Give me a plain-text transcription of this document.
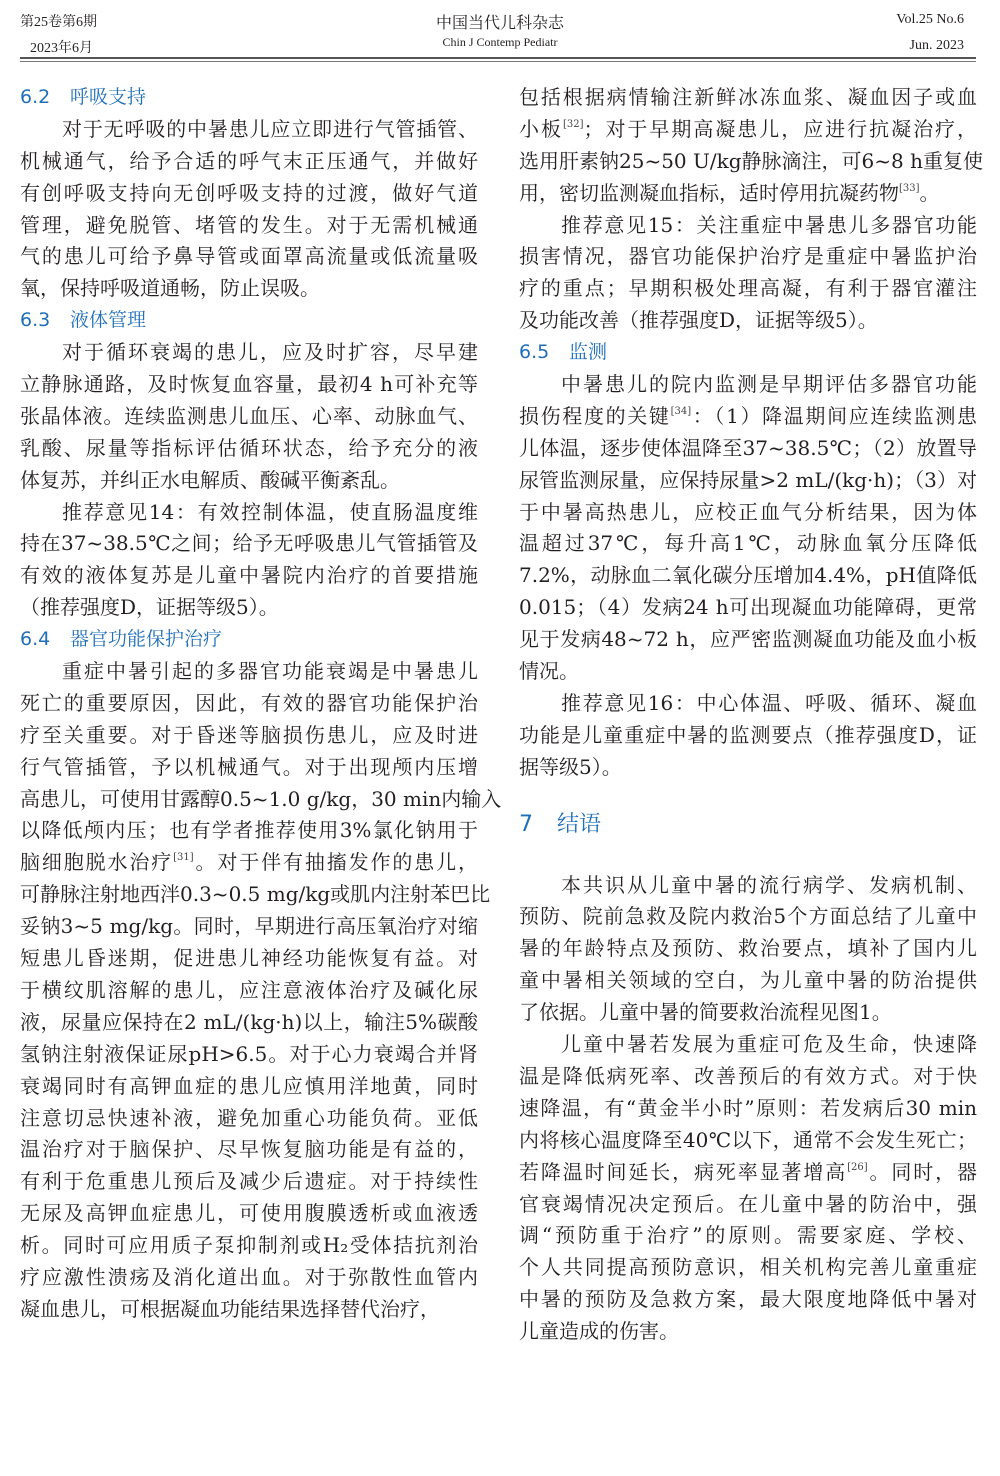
第25卷第6期
2023年6月
中国当代儿科杂志
Chin J Contemp Pediatr
Vol.25 No.6
Jun. 2023
6.2 呼吸支持
对于无呼吸的中暑患儿应立即进行气管插管、
机械通气，给予合适的呼气末正压通气，并做好
有创呼吸支持向无创呼吸支持的过渡，做好气道
管理，避免脱管、堵管的发生。对于无需机械通
气的患儿可给予鼻导管或面罩高流量或低流量吸
氧，保持呼吸道通畅，防止误吸。
6.3 液体管理
对于循环衰竭的患儿，应及时扩容，尽早建
立静脉通路，及时恢复血容量，最初4 h可补充等
张晶体液。连续监测患儿血压、心率、动脉血气、
乳酸、尿量等指标评估循环状态，给予充分的液
体复苏，并纠正水电解质、酸碱平衡紊乱。
推荐意见14：有效控制体温，使直肠温度维
持在37~38.5℃之间；给予无呼吸患儿气管插管及
有效的液体复苏是儿童中暑院内治疗的首要措施
（推荐强度D，证据等级5）。
6.4 器官功能保护治疗
重症中暑引起的多器官功能衰竭是中暑患儿
死亡的重要原因，因此，有效的器官功能保护治
疗至关重要。对于昏迷等脑损伤患儿，应及时进
行气管插管，予以机械通气。对于出现颅内压增
高患儿，可使用甘露醇0.5~1.0 g/kg，30 min内输入
以降低颅内压；也有学者推荐使用3%氯化钠用于
脑细胞脱水治疗[31]。对于伴有抽搐发作的患儿，
可静脉注射地西泮0.3~0.5 mg/kg或肌内注射苯巴比
妥钠3~5 mg/kg。同时，早期进行高压氧治疗对缩
短患儿昏迷期，促进患儿神经功能恢复有益。对
于横纹肌溶解的患儿，应注意液体治疗及碱化尿
液，尿量应保持在2 mL/(kg·h)以上，输注5%碳酸
氢钠注射液保证尿pH>6.5。对于心力衰竭合并肾
衰竭同时有高钾血症的患儿应慎用洋地黄，同时
注意切忌快速补液，避免加重心功能负荷。亚低
温治疗对于脑保护、尽早恢复脑功能是有益的，
有利于危重患儿预后及减少后遗症。对于持续性
无尿及高钾血症患儿，可使用腹膜透析或血液透
析。同时可应用质子泵抑制剂或H₂受体拮抗剂治
疗应激性溃疡及消化道出血。对于弥散性血管内
凝血患儿，可根据凝血功能结果选择替代治疗，
包括根据病情输注新鲜冰冻血浆、凝血因子或血
小板[32]；对于早期高凝患儿，应进行抗凝治疗，
选用肝素钠25~50 U/kg静脉滴注，可6~8 h重复使
用，密切监测凝血指标，适时停用抗凝药物[33]。
推荐意见15：关注重症中暑患儿多器官功能
损害情况，器官功能保护治疗是重症中暑监护治
疗的重点；早期积极处理高凝，有利于器官灌注
及功能改善（推荐强度D，证据等级5）。
6.5 监测
中暑患儿的院内监测是早期评估多器官功能
损伤程度的关键[34]：（1）降温期间应连续监测患
儿体温，逐步使体温降至37~38.5℃；（2）放置导
尿管监测尿量，应保持尿量>2 mL/(kg·h)；（3）对
于中暑高热患儿，应校正血气分析结果，因为体
温超过37℃，每升高1℃，动脉血氧分压降低
7.2%，动脉血二氧化碳分压增加4.4%，pH值降低
0.015；（4）发病24 h可出现凝血功能障碍，更常
见于发病48~72 h，应严密监测凝血功能及血小板
情况。
推荐意见16：中心体温、呼吸、循环、凝血
功能是儿童重症中暑的监测要点（推荐强度D，证
据等级5）。
7 结语
本共识从儿童中暑的流行病学、发病机制、
预防、院前急救及院内救治5个方面总结了儿童中
暑的年龄特点及预防、救治要点，填补了国内儿
童中暑相关领域的空白，为儿童中暑的防治提供
了依据。儿童中暑的简要救治流程见图1。
儿童中暑若发展为重症可危及生命，快速降
温是降低病死率、改善预后的有效方式。对于快
速降温，有“黄金半小时”原则：若发病后30 min
内将核心温度降至40℃以下，通常不会发生死亡；
若降温时间延长，病死率显著增高[26]。同时，器
官衰竭情况决定预后。在儿童中暑的防治中，强
调“预防重于治疗”的原则。需要家庭、学校、
个人共同提高预防意识，相关机构完善儿童重症
中暑的预防及急救方案，最大限度地降低中暑对
儿童造成的伤害。
